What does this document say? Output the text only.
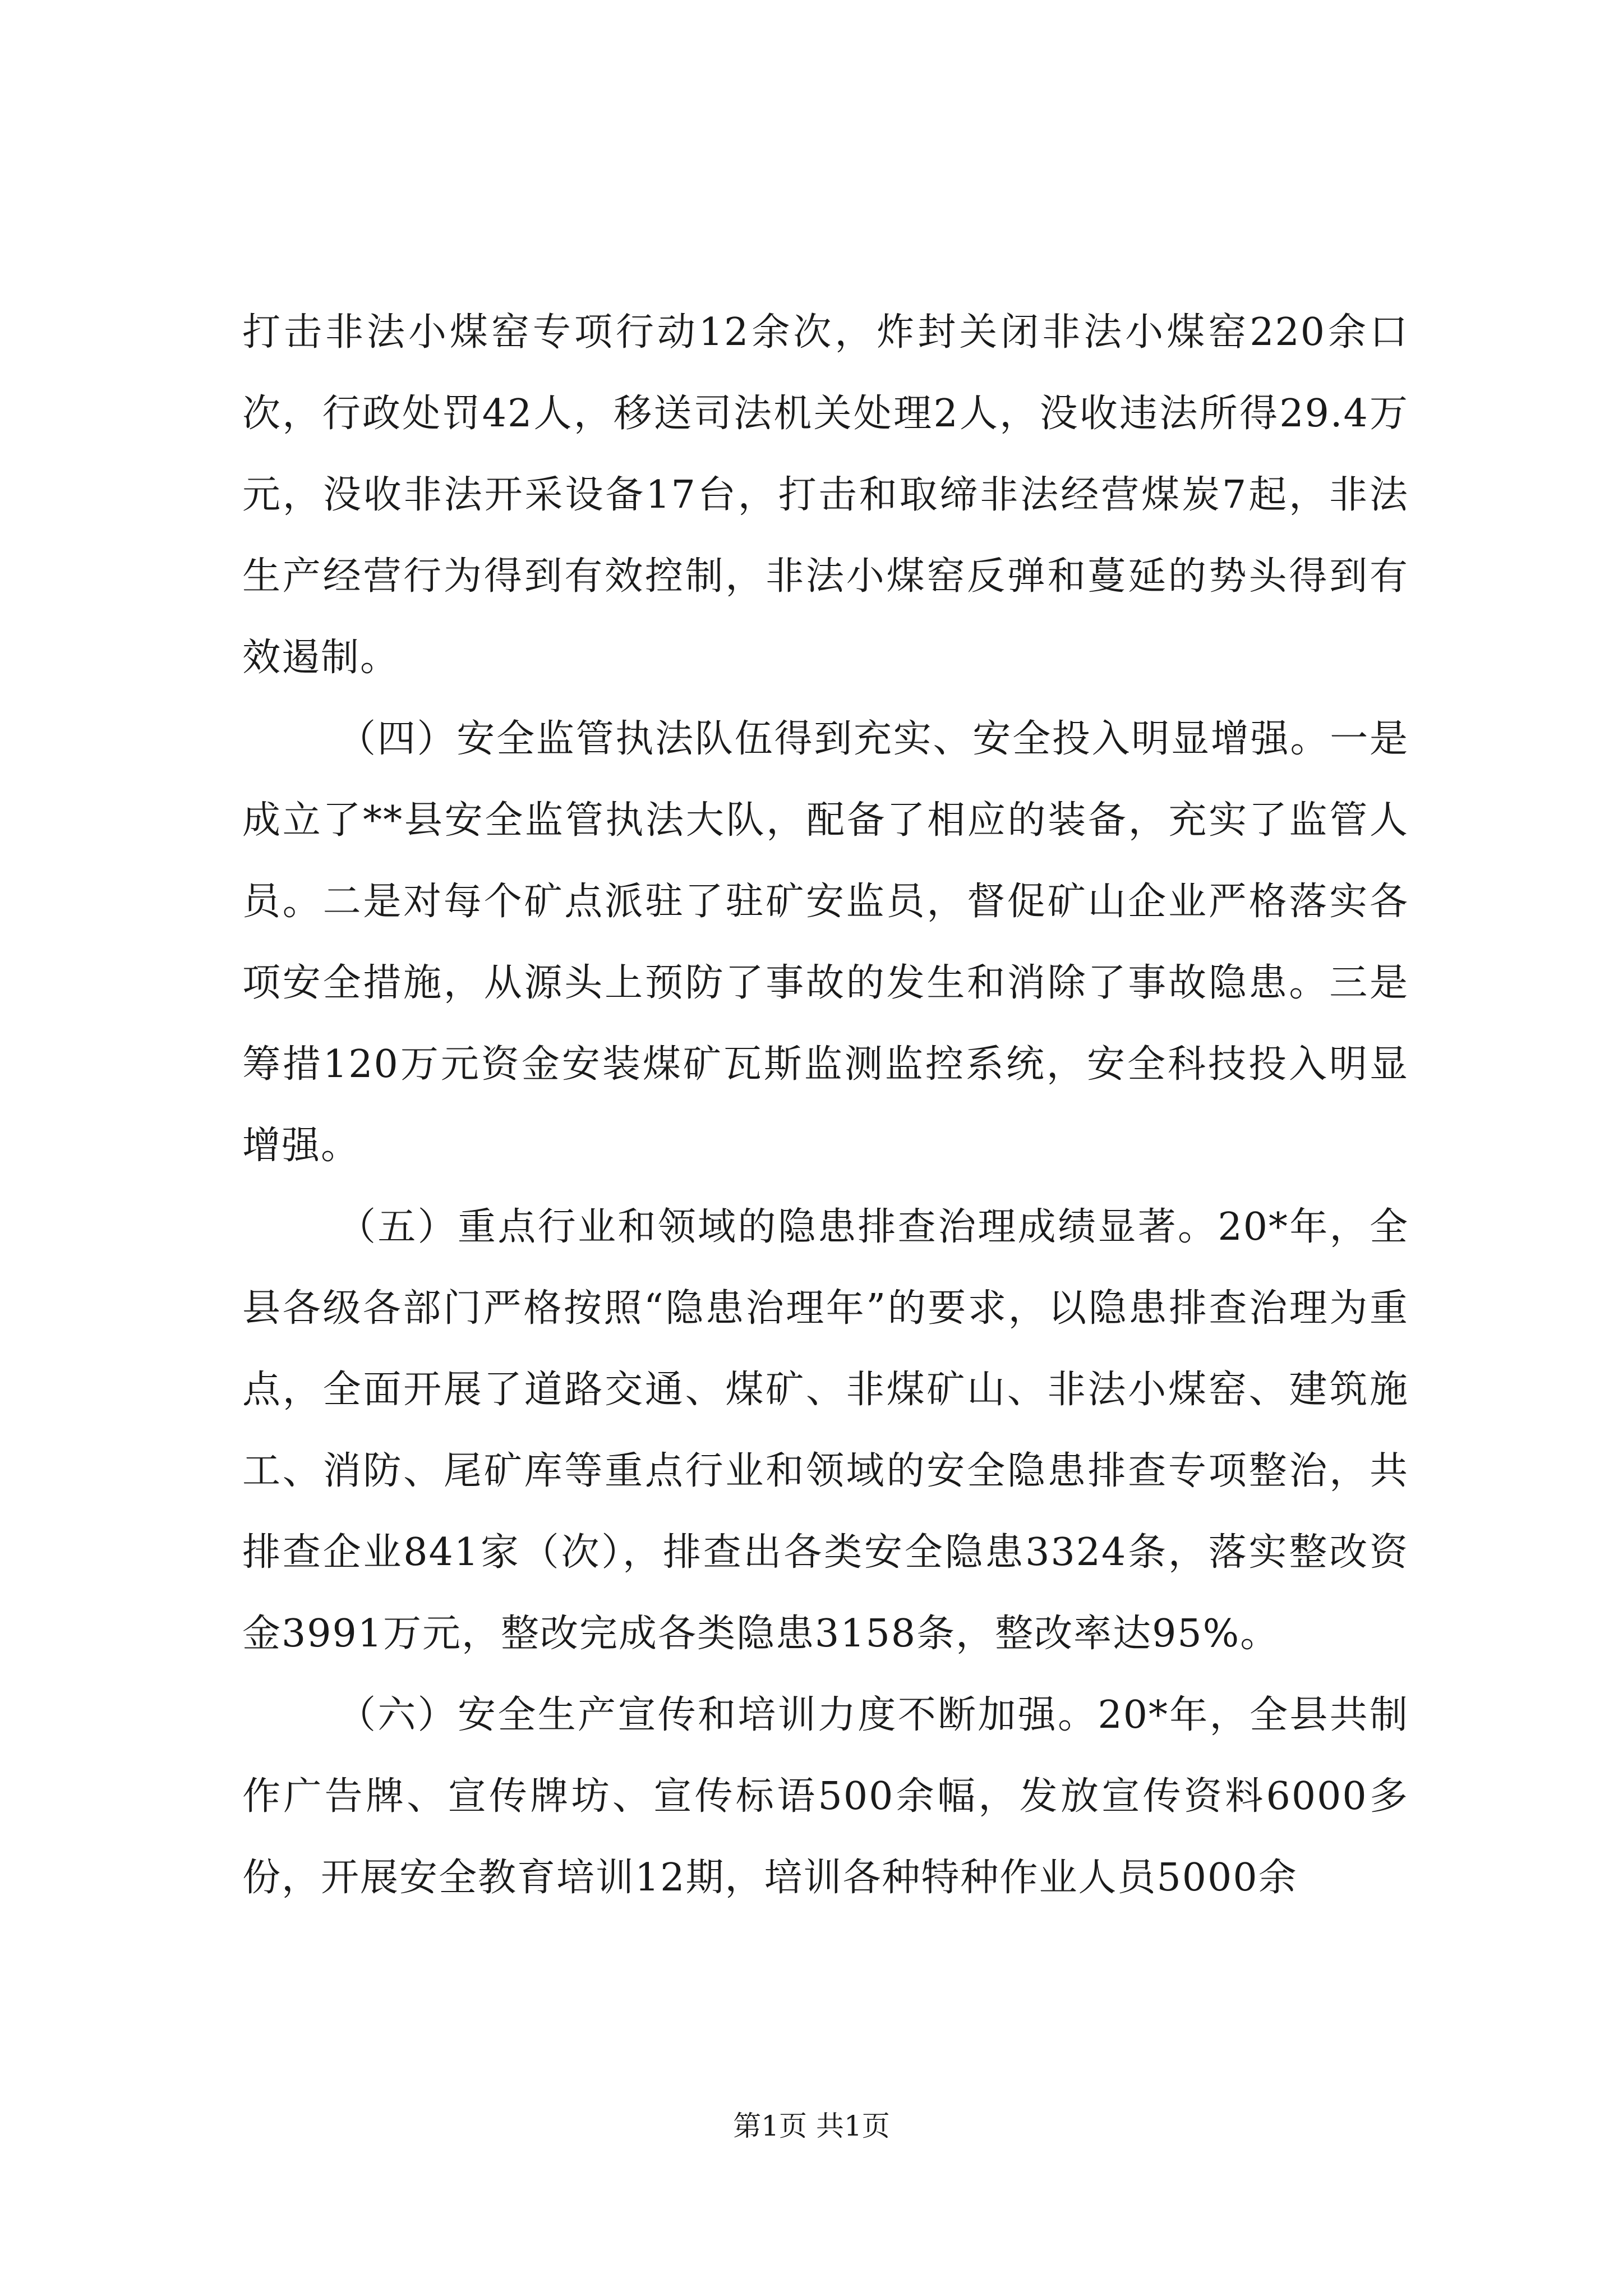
打击非法小煤窑专项行动12余次，炸封关闭非法小煤窑220余口次，行政处罚42人，移送司法机关处理2人，没收违法所得29.4万元，没收非法开采设备17台，打击和取缔非法经营煤炭7起，非法生产经营行为得到有效控制，非法小煤窑反弹和蔓延的势头得到有效遏制。

（四）安全监管执法队伍得到充实、安全投入明显增强。一是成立了**县安全监管执法大队，配备了相应的装备，充实了监管人员。二是对每个矿点派驻了驻矿安监员，督促矿山企业严格落实各项安全措施，从源头上预防了事故的发生和消除了事故隐患。三是筹措120万元资金安装煤矿瓦斯监测监控系统，安全科技投入明显增强。

（五）重点行业和领域的隐患排查治理成绩显著。20*年，全县各级各部门严格按照“隐患治理年”的要求，以隐患排查治理为重点，全面开展了道路交通、煤矿、非煤矿山、非法小煤窑、建筑施工、消防、尾矿库等重点行业和领域的安全隐患排查专项整治，共排查企业841家（次），排查出各类安全隐患3324条，落实整改资金3991万元，整改完成各类隐患3158条，整改率达95%。

（六）安全生产宣传和培训力度不断加强。20*年，全县共制作广告牌、宣传牌坊、宣传标语500余幅，发放宣传资料6000多份，开展安全教育培训12期，培训各种特种作业人员5000余

第1页 共1页
